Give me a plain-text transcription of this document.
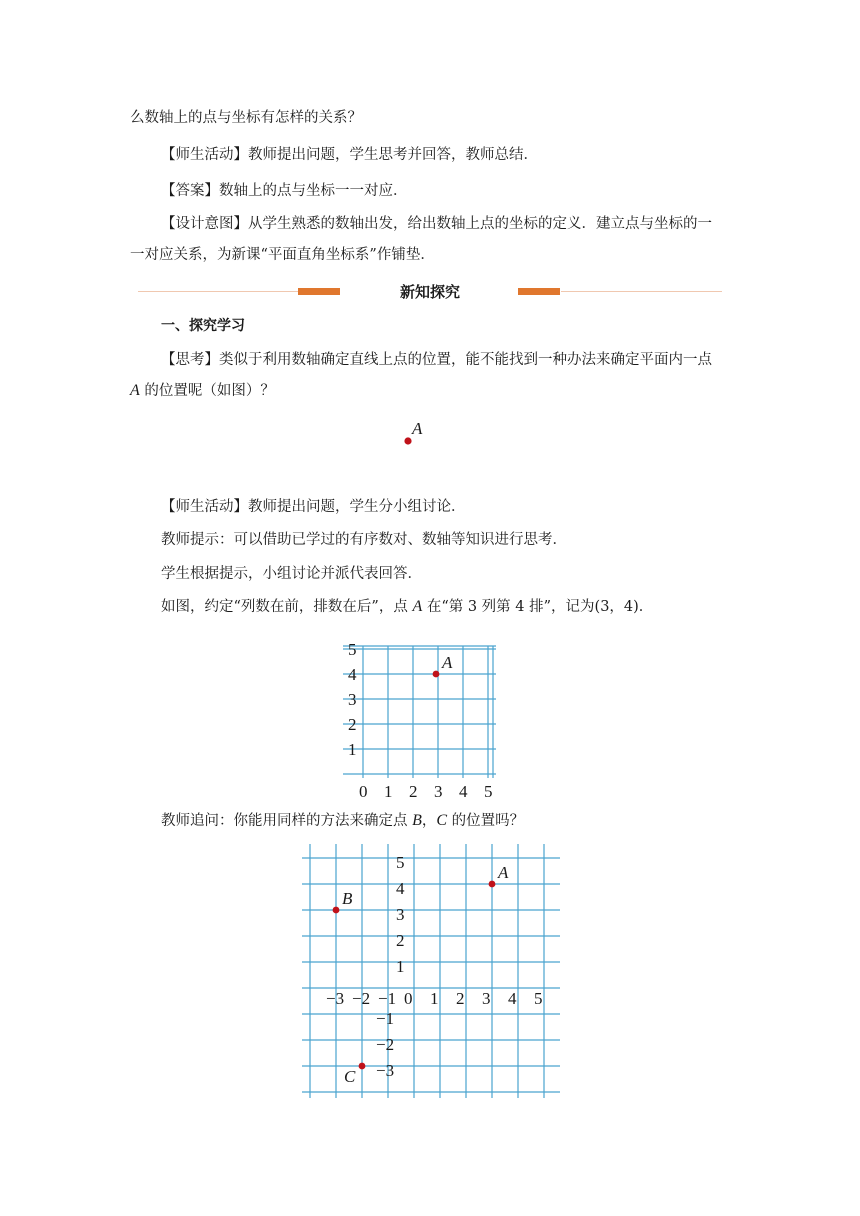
么数轴上的点与坐标有怎样的关系？
【师生活动】教师提出问题，学生思考并回答，教师总结．
【答案】数轴上的点与坐标一一对应．
【设计意图】从学生熟悉的数轴出发，给出数轴上点的坐标的定义．建立点与坐标的一
一对应关系，为新课“平面直角坐标系”作铺垫．
新知探究
一、探究学习
【思考】类似于利用数轴确定直线上点的位置，能不能找到一种办法来确定平面内一点
A 的位置呢（如图）？
A
【师生活动】教师提出问题，学生分小组讨论．
教师提示：可以借助已学过的有序数对、数轴等知识进行思考．
学生根据提示，小组讨论并派代表回答．
如图，约定“列数在前，排数在后”，点 A 在“第 3 列第 4 排”，记为(3，4)．
1
2
3
4
5
0 1 2 3 4 5
A
教师追问：你能用同样的方法来确定点 B，C 的位置吗？
−3 −2 −1 0 1 2 3 4 5
1
2
3
4
5
−1
−2
−3
A
B
C
